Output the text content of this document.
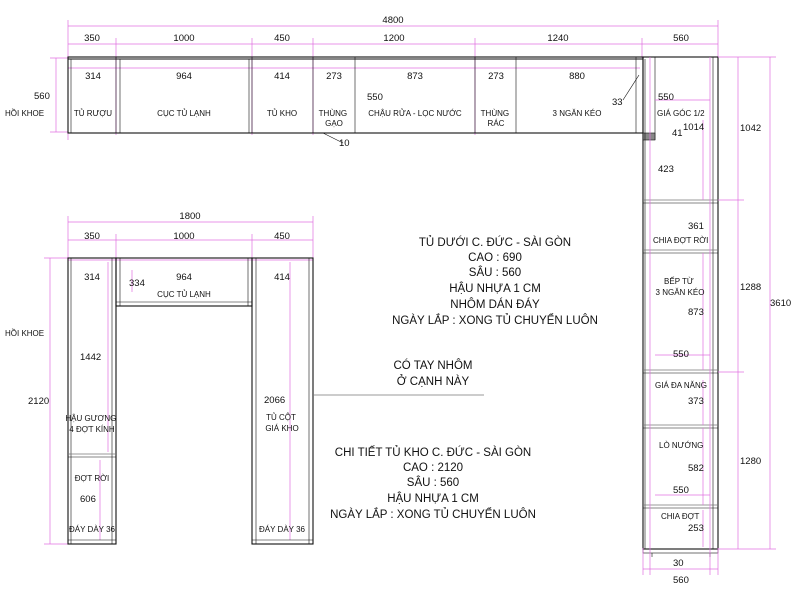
4800
350	1000	450	1200	1240	560
314	964	414	273	873	273	880
560
HỒI KHOE
10
550	33
TỦ RƯỢU	CỤC TỦ LẠNH	TỦ KHO	THÙNG GẠO
CHẬU RỬA - LỌC NƯỚC THÙNG RÁC
3 NGĂN KÉO
550
GIÁ GÓC 1/2
41
1014
423
361
CHIA ĐỢT RỜI
BẾP TỪ 3 NGĂN KÉO
873
550
GIÁ ĐA NĂNG
373
LÒ NƯỚNG
582
550
CHIA ĐỢT
253
30
560
1042
1288
1280
3610
1800
350	1000	450
314	964	414
334
CỤC TỦ LẠNH
HỒI KHOE
2120
1442
HẬU GƯƠNG 4 ĐỢT KÍNH
ĐỢT RỜI
606
ĐÁY DÀY 36
2066
TỦ CỘT GIÁ KHO
ĐÁY DÀY 36
TỦ DƯỚI C. ĐỨC - SÀI GÒN
CAO : 690
SÂU : 560
HẬU NHỰA 1 CM
NHÔM DÁN ĐÁY
NGÀY LẮP : XONG TỦ CHUYỂN LUÔN
CÓ TAY NHÔM
Ở CẠNH NÀY
CHI TIẾT TỦ KHO C. ĐỨC - SÀI GÒN
CAO : 2120
SÂU : 560
HẬU NHỰA 1 CM
NGÀY LẮP : XONG TỦ CHUYỂN LUÔN
